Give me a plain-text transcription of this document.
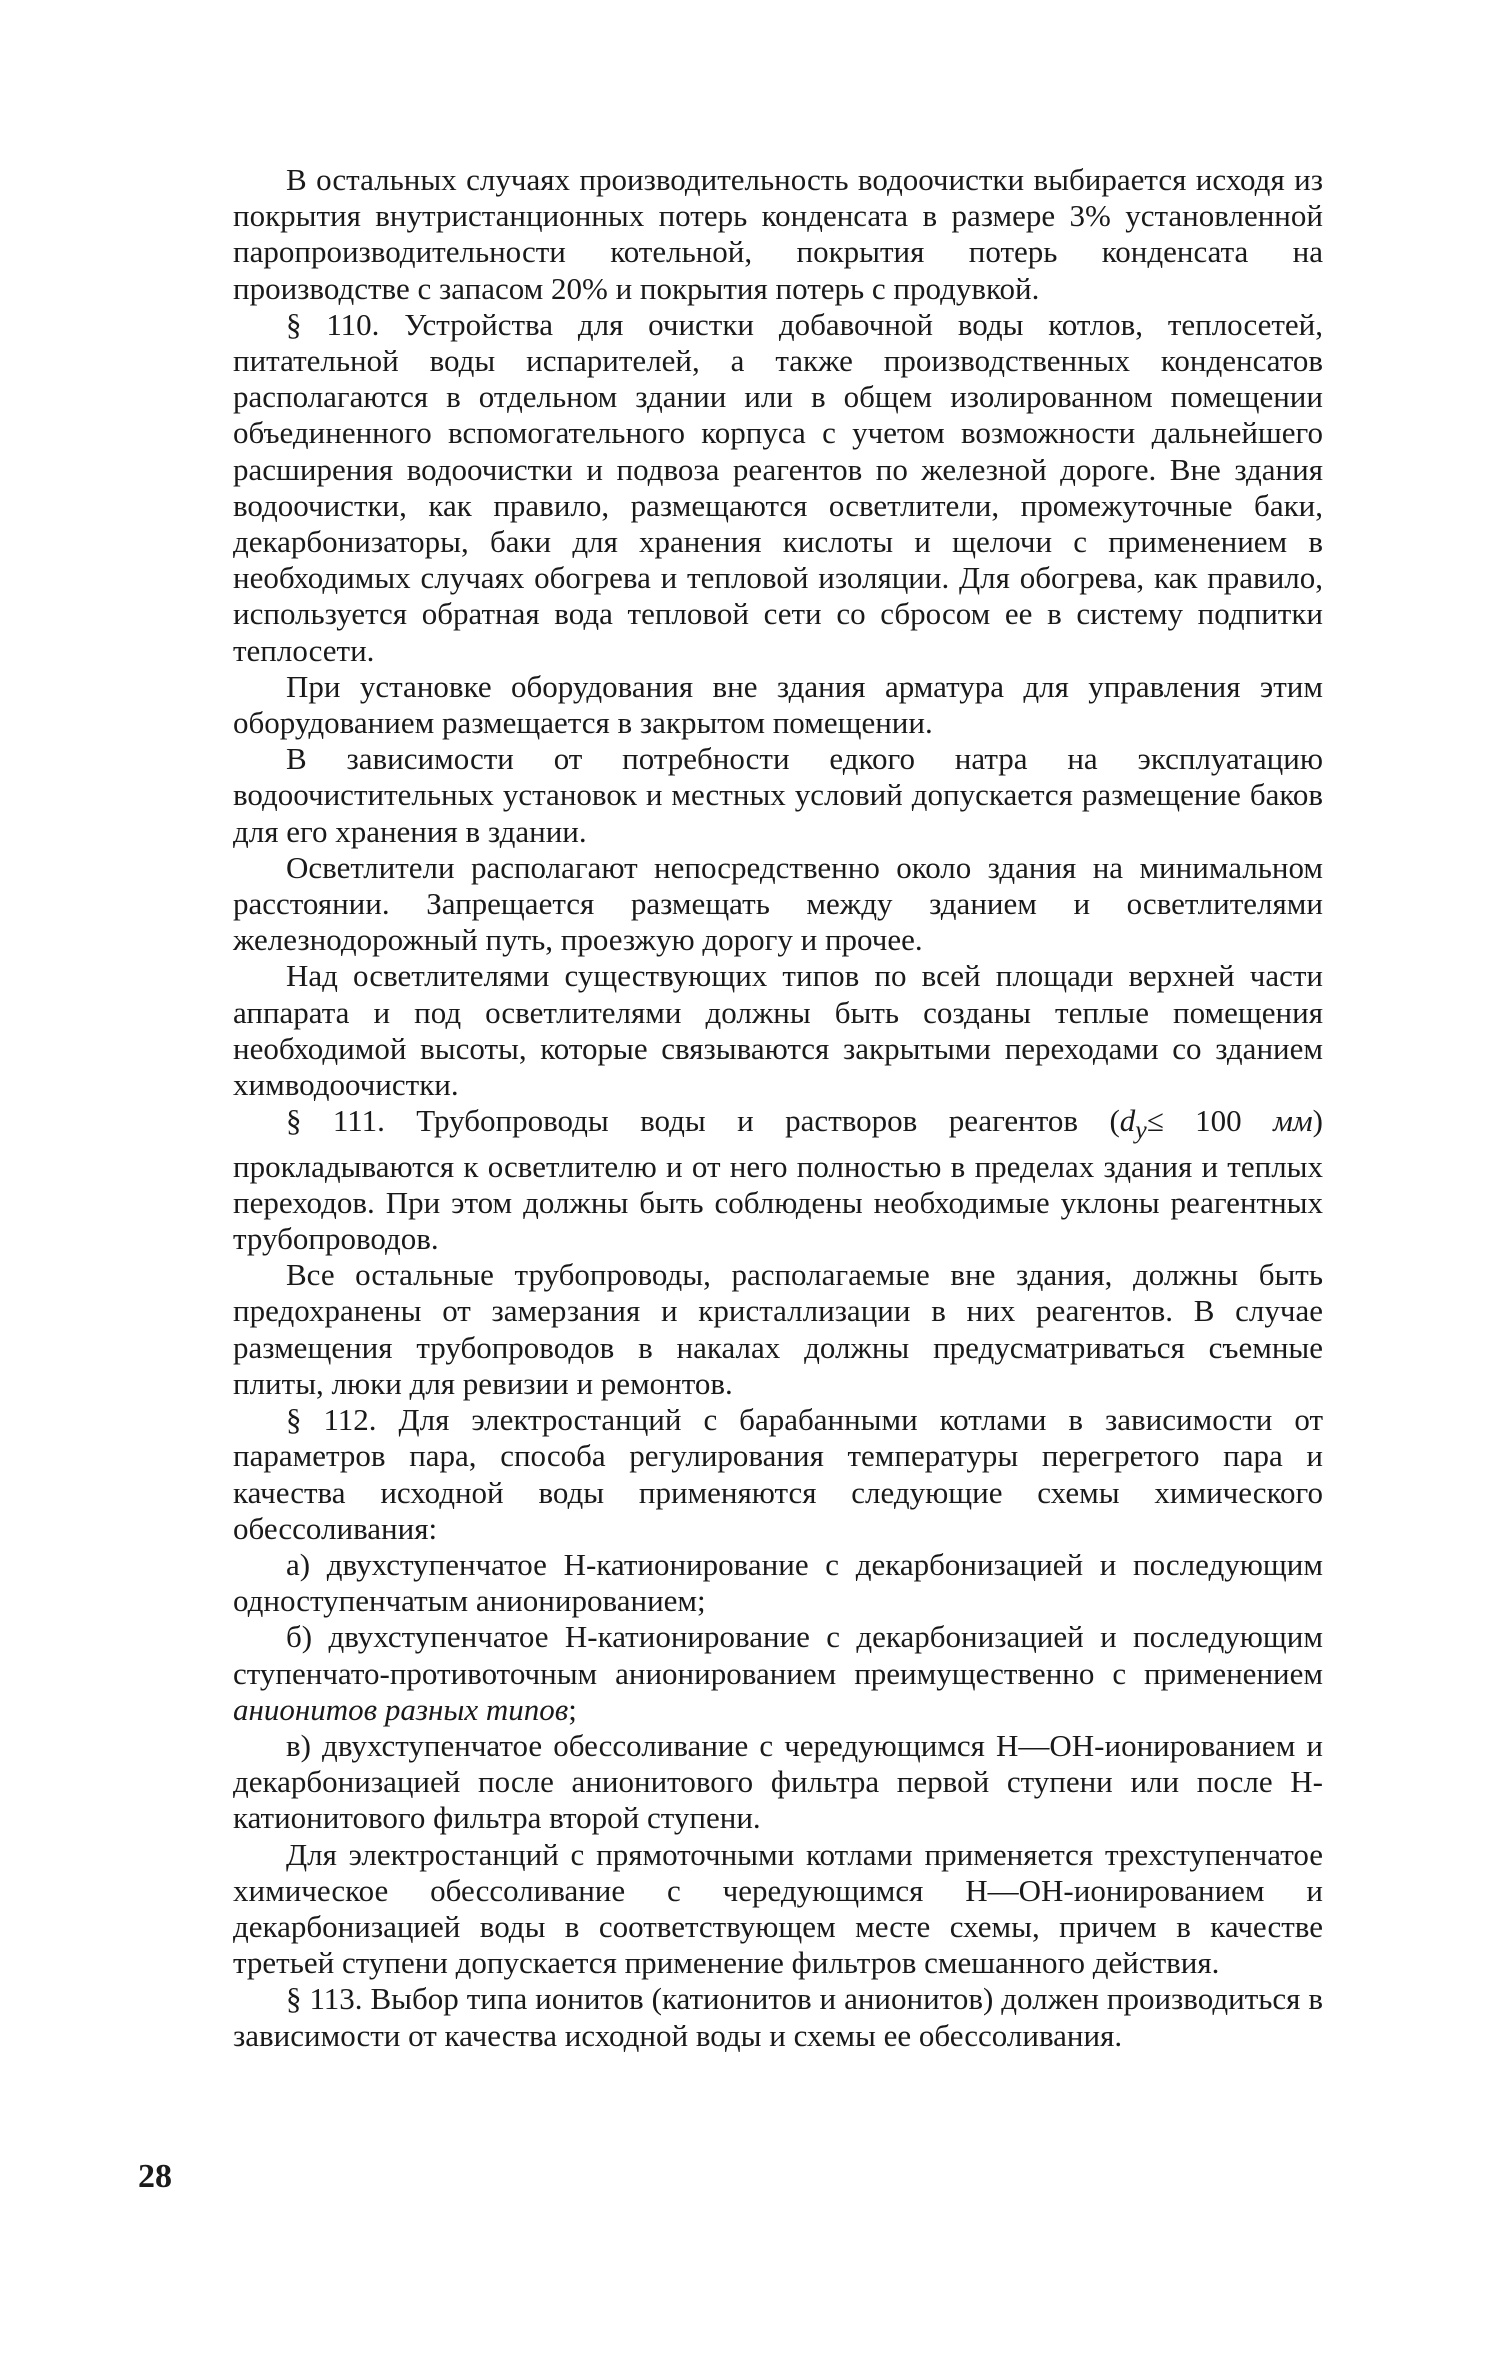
В остальных случаях производительность водоочистки выбирается исходя из покрытия внутристанционных потерь конденсата в размере 3% установленной паропроизводительности котельной, покрытия потерь конденсата на производстве с запасом 20% и покрытия потерь с продувкой.

§ 110. Устройства для очистки добавочной воды котлов, теплосетей, питательной воды испарителей, а также производственных конденсатов располагаются в отдельном здании или в общем изолированном помещении объединенного вспомогательного корпуса с учетом возможности дальнейшего расширения водоочистки и подвоза реагентов по железной дороге. Вне здания водоочистки, как правило, размещаются осветлители, промежуточные баки, декарбонизаторы, баки для хранения кислоты и щелочи с применением в необходимых случаях обогрева и тепловой изоляции. Для обогрева, как правило, используется обратная вода тепловой сети со сбросом ее в систему подпитки теплосети.

При установке оборудования вне здания арматура для управления этим оборудованием размещается в закрытом помещении.

В зависимости от потребности едкого натра на эксплуатацию водоочистительных установок и местных условий допускается размещение баков для его хранения в здании.

Осветлители располагают непосредственно около здания на минимальном расстоянии. Запрещается размещать между зданием и осветлителями железнодорожный путь, проезжую дорогу и прочее.

Над осветлителями существующих типов по всей площади верхней части аппарата и под осветлителями должны быть созданы теплые помещения необходимой высоты, которые связываются закрытыми переходами со зданием химводоочистки.

§ 111. Трубопроводы воды и растворов реагентов ($d_y\le 100$ мм) прокладываются к осветлителю и от него полностью в пределах здания и теплых переходов. При этом должны быть соблюдены необходимые уклоны реагентных трубопроводов.

Все остальные трубопроводы, располагаемые вне здания, должны быть предохранены от замерзания и кристаллизации в них реагентов. В случае размещения трубопроводов в накалах должны предусматриваться съемные плиты, люки для ревизии и ремонтов.

§ 112. Для электростанций с барабанными котлами в зависимости от параметров пара, способа регулирования температуры перегретого пара и качества исходной воды применяются следующие схемы химического обессоливания:

а) двухступенчатое Н-катионирование с декарбонизацией и последующим одноступенчатым анионированием;

б) двухступенчатое Н-катионирование с декарбонизацией и последующим ступенчато-противоточным анионированием преимущественно с применением анионитов разных типов;

в) двухступенчатое обессоливание с чередующимся Н—ОН-ионированием и декарбонизацией после анионитового фильтра первой ступени или после Н-катионитового фильтра второй ступени.

Для электростанций с прямоточными котлами применяется трехступенчатое химическое обессоливание с чередующимся Н—ОН-ионированием и декарбонизацией воды в соответствующем месте схемы, причем в качестве третьей ступени допускается применение фильтров смешанного действия.

§ 113. Выбор типа ионитов (катионитов и анионитов) должен производиться в зависимости от качества исходной воды и схемы ее обессоливания.

28
